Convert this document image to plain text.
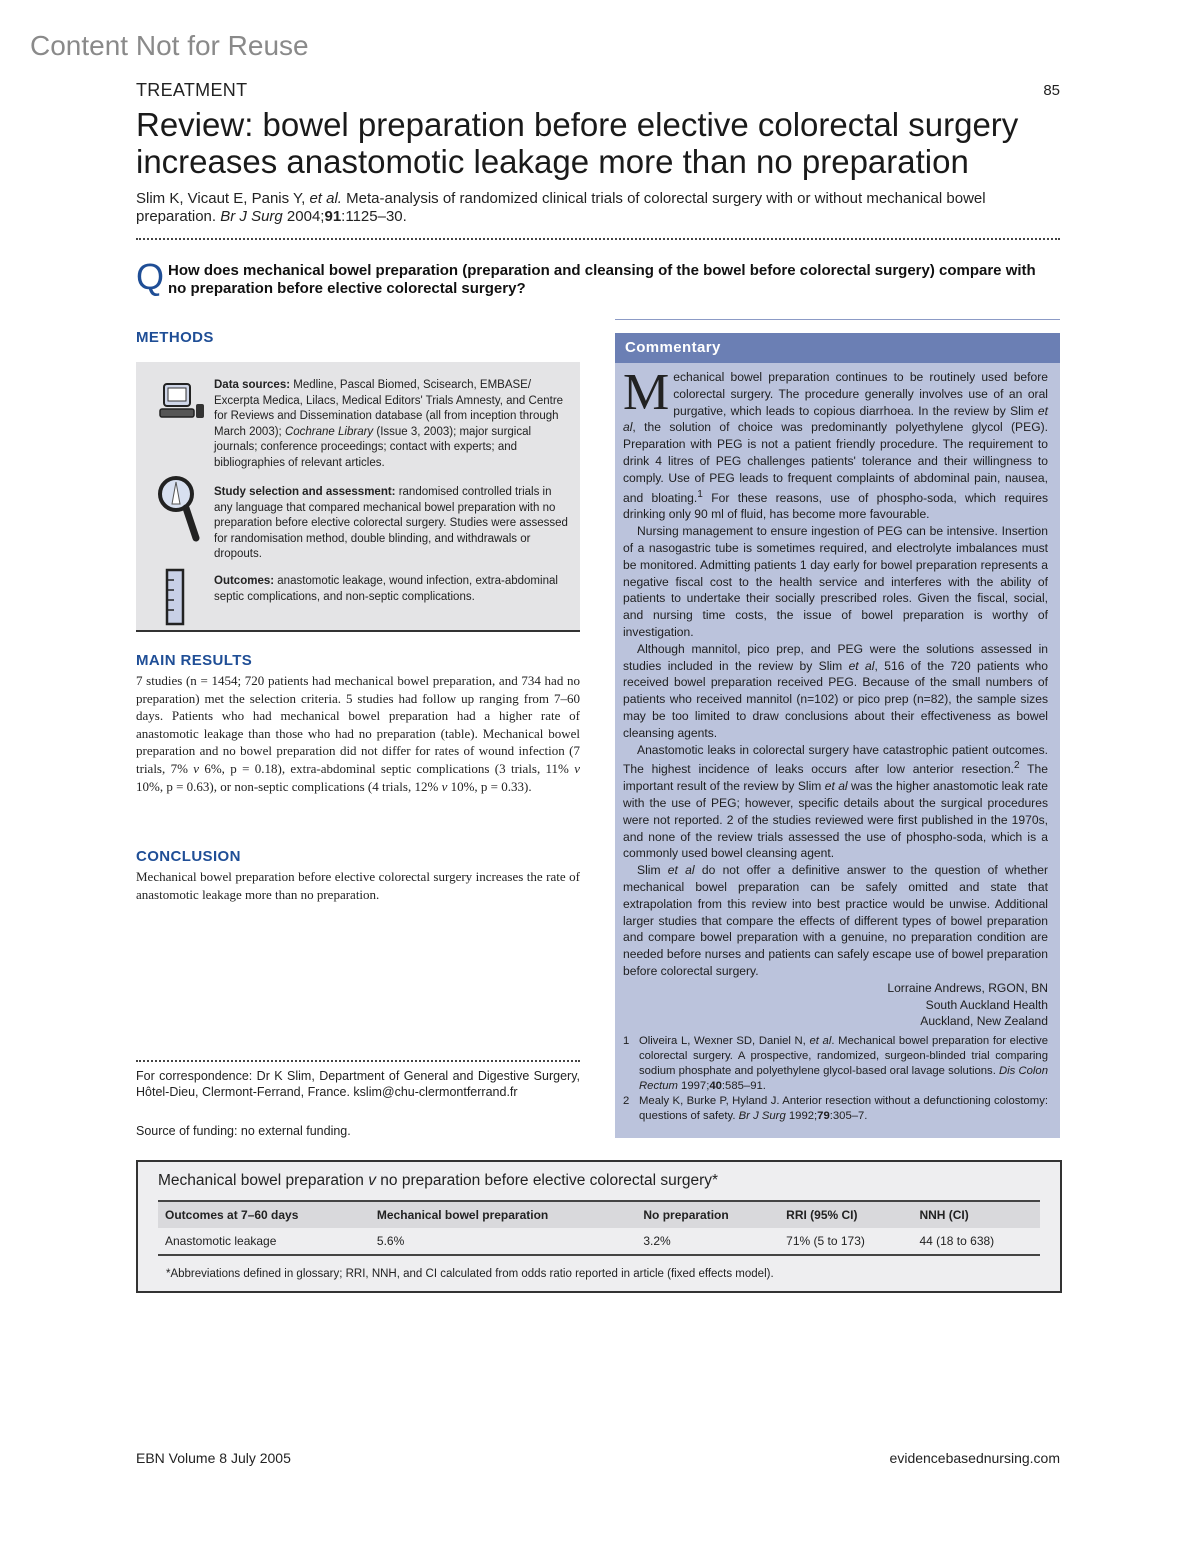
Content Not for Reuse
TREATMENT	85
Review: bowel preparation before elective colorectal surgery increases anastomotic leakage more than no preparation
Slim K, Vicaut E, Panis Y, et al. Meta-analysis of randomized clinical trials of colorectal surgery with or without mechanical bowel preparation. Br J Surg 2004;91:1125–30.
Q How does mechanical bowel preparation (preparation and cleansing of the bowel before colorectal surgery) compare with no preparation before elective colorectal surgery?
METHODS
Data sources: Medline, Pascal Biomed, Scisearch, EMBASE/ Excerpta Medica, Lilacs, Medical Editors' Trials Amnesty, and Centre for Reviews and Dissemination database (all from inception through March 2003); Cochrane Library (Issue 3, 2003); major surgical journals; conference proceedings; contact with experts; and bibliographies of relevant articles.
Study selection and assessment: randomised controlled trials in any language that compared mechanical bowel preparation with no preparation before elective colorectal surgery. Studies were assessed for randomisation method, double blinding, and withdrawals or dropouts.
Outcomes: anastomotic leakage, wound infection, extra-abdominal septic complications, and non-septic complications.
MAIN RESULTS
7 studies (n = 1454; 720 patients had mechanical bowel preparation, and 734 had no preparation) met the selection criteria. 5 studies had follow up ranging from 7–60 days. Patients who had mechanical bowel preparation had a higher rate of anastomotic leakage than those who had no preparation (table). Mechanical bowel preparation and no bowel preparation did not differ for rates of wound infection (7 trials, 7% v 6%, p = 0.18), extra-abdominal septic complications (3 trials, 11% v 10%, p = 0.63), or non-septic complications (4 trials, 12% v 10%, p = 0.33).
CONCLUSION
Mechanical bowel preparation before elective colorectal surgery increases the rate of anastomotic leakage more than no preparation.
For correspondence: Dr K Slim, Department of General and Digestive Surgery, Hôtel-Dieu, Clermont-Ferrand, France. kslim@chu-clermontferrand.fr
Source of funding: no external funding.
Commentary

Mechanical bowel preparation continues to be routinely used before colorectal surgery. The procedure generally involves use of an oral purgative, which leads to copious diarrhoea. In the review by Slim et al, the solution of choice was predominantly polyethylene glycol (PEG). Preparation with PEG is not a patient friendly procedure. The requirement to drink 4 litres of PEG challenges patients' tolerance and their willingness to comply. Use of PEG leads to frequent complaints of abdominal pain, nausea, and bloating.$^1$ For these reasons, use of phospho-soda, which requires drinking only 90 ml of fluid, has become more favourable.

Nursing management to ensure ingestion of PEG can be intensive. Insertion of a nasogastric tube is sometimes required, and electrolyte imbalances must be monitored. Admitting patients 1 day early for bowel preparation represents a negative fiscal cost to the health service and interferes with the ability of patients to undertake their socially prescribed roles. Given the fiscal, social, and nursing time costs, the issue of bowel preparation is worthy of investigation.

Although mannitol, pico prep, and PEG were the solutions assessed in studies included in the review by Slim et al, 516 of the 720 patients who received bowel preparation received PEG. Because of the small numbers of patients who received mannitol (n=102) or pico prep (n=82), the sample sizes may be too limited to draw conclusions about their effectiveness as bowel cleansing agents.

Anastomotic leaks in colorectal surgery have catastrophic patient outcomes. The highest incidence of leaks occurs after low anterior resection.$^2$ The important result of the review by Slim et al was the higher anastomotic leak rate with the use of PEG; however, specific details about the surgical procedures were not reported. 2 of the studies reviewed were first published in the 1970s, and none of the review trials assessed the use of phospho-soda, which is a commonly used bowel cleansing agent.

Slim et al do not offer a definitive answer to the question of whether mechanical bowel preparation can be safely omitted and state that extrapolation from this review into best practice would be unwise. Additional larger studies that compare the effects of different types of bowel preparation and compare bowel preparation with a genuine, no preparation condition are needed before nurses and patients can safely escape use of bowel preparation before colorectal surgery.

Lorraine Andrews, RGON, BN

South Auckland Health

Auckland, New Zealand

1 Oliveira L, Wexner SD, Daniel N, et al. Mechanical bowel preparation for elective colorectal surgery. A prospective, randomized, surgeon-blinded trial comparing sodium phosphate and polyethylene glycol-based oral lavage solutions. Dis Colon Rectum 1997;40:585–91.
2 Mealy K, Burke P, Hyland J. Anterior resection without a defunctioning colostomy: questions of safety. Br J Surg 1992;79:305–7.
Mechanical bowel preparation v no preparation before elective colorectal surgery*
Outcomes at 7–60 days	Mechanical bowel preparation	No preparation	RRI (95% CI)	NNH (CI)
Anastomotic leakage	5.6%	3.2%	71% (5 to 173)	44 (18 to 638)
*Abbreviations defined in glossary; RRI, NNH, and CI calculated from odds ratio reported in article (fixed effects model).
EBN Volume 8 July 2005	evidencebasednursing.com
